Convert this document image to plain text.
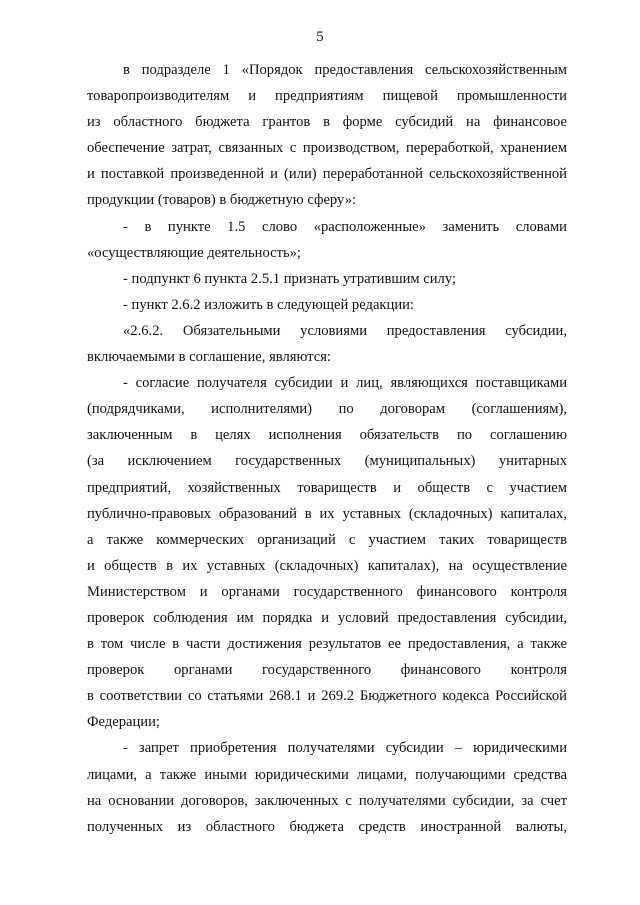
5
в подразделе 1 «Порядок предоставления сельскохозяйственным
товаропроизводителям и предприятиям пищевой промышленности
из областного бюджета грантов в форме субсидий на финансовое
обеспечение затрат, связанных с производством, переработкой, хранением
и поставкой произведенной и (или) переработанной сельскохозяйственной
продукции (товаров) в бюджетную сферу»:
- в пункте 1.5 слово «расположенные» заменить словами
«осуществляющие деятельность»;
- подпункт 6 пункта 2.5.1 признать утратившим силу;
- пункт 2.6.2 изложить в следующей редакции:
«2.6.2. Обязательными условиями предоставления субсидии,
включаемыми в соглашение, являются:
- согласие получателя субсидии и лиц, являющихся поставщиками
(подрядчиками, исполнителями) по договорам (соглашениям),
заключенным в целях исполнения обязательств по соглашению
(за исключением государственных (муниципальных) унитарных
предприятий, хозяйственных товариществ и обществ с участием
публично-правовых образований в их уставных (складочных) капиталах,
а также коммерческих организаций с участием таких товариществ
и обществ в их уставных (складочных) капиталах), на осуществление
Министерством и органами государственного финансового контроля
проверок соблюдения им порядка и условий предоставления субсидии,
в том числе в части достижения результатов ее предоставления, а также
проверок органами государственного финансового контроля
в соответствии со статьями 268.1 и 269.2 Бюджетного кодекса Российской
Федерации;
- запрет приобретения получателями субсидии – юридическими
лицами, а также иными юридическими лицами, получающими средства
на основании договоров, заключенных с получателями субсидии, за счет
полученных из областного бюджета средств иностранной валюты,
